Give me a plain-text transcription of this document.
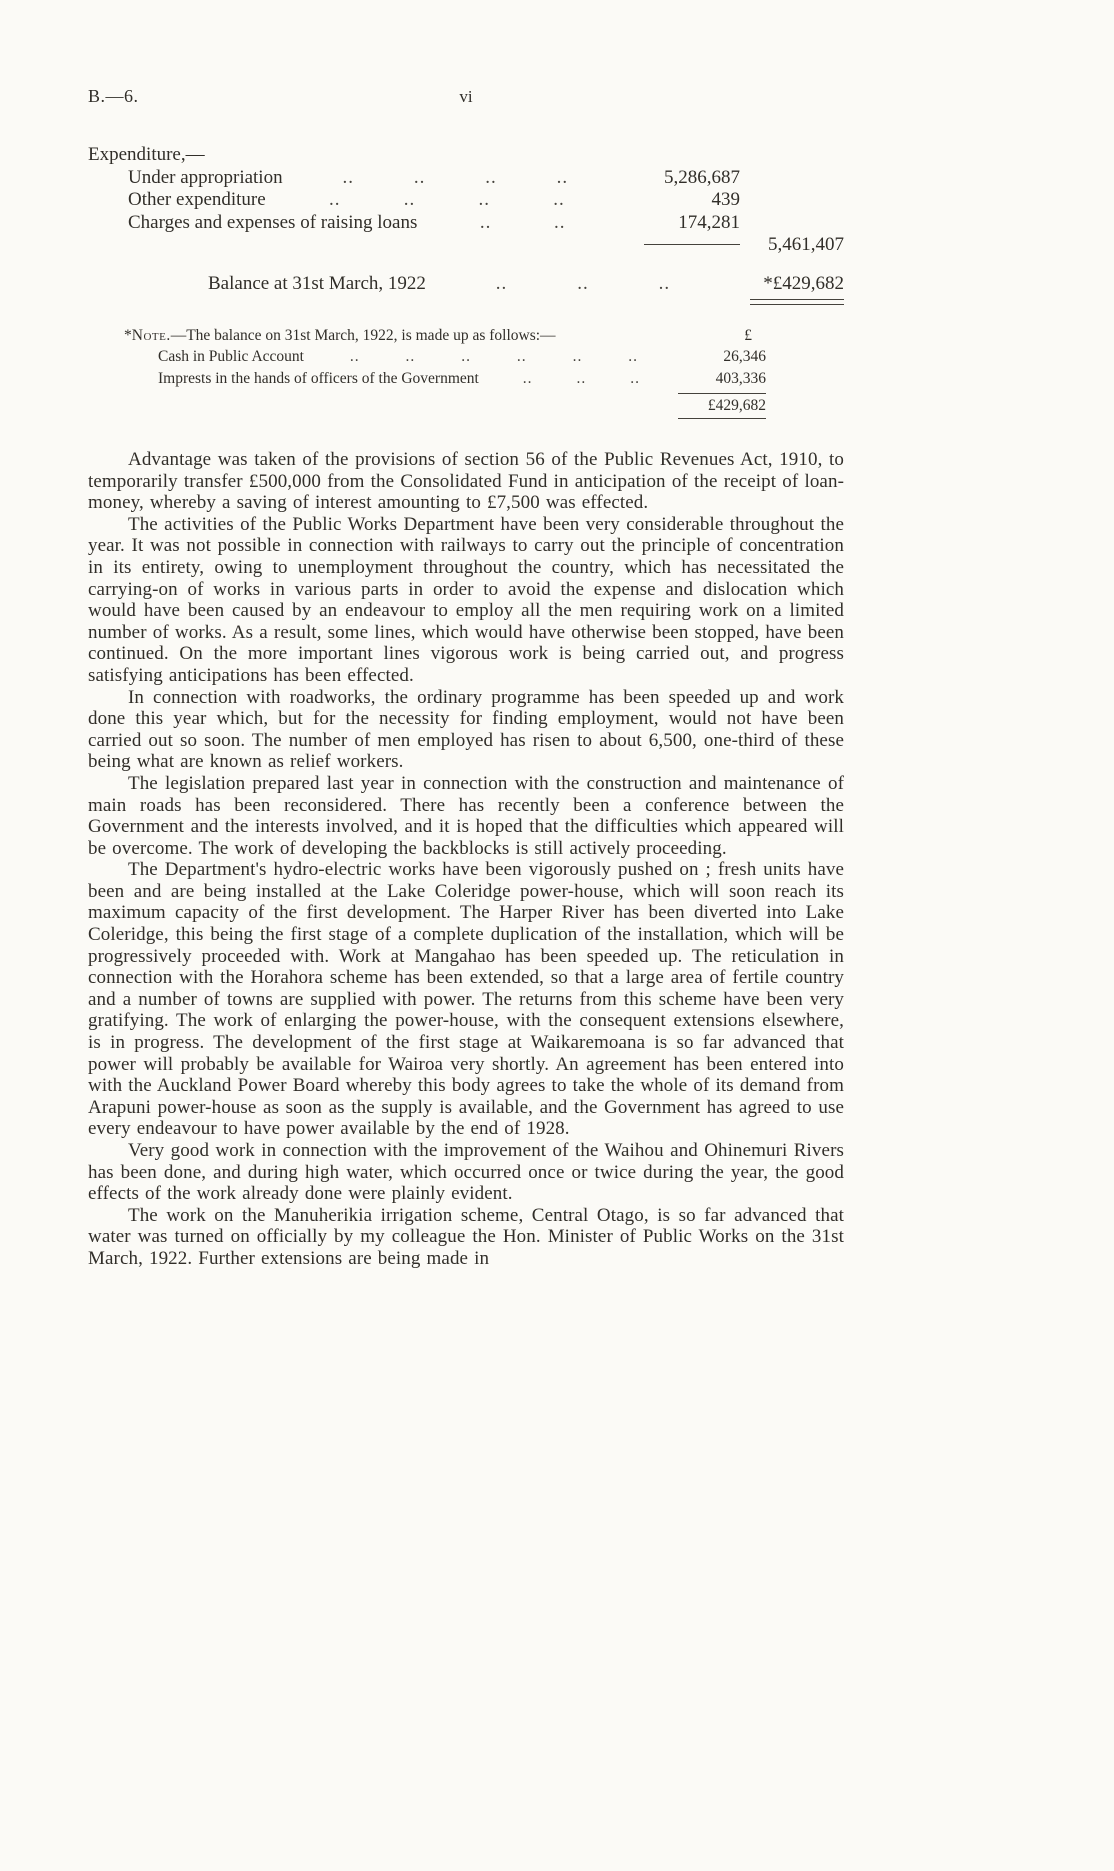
B.—6.	vi
Expenditure,—
Under appropriation	..	..	..	..	5,286,687
Other expenditure	..	..	..	..	439
Charges and expenses of raising loans	..	..	174,281
5,461,407
Balance at 31st March, 1922	..	..	..	*£429,682
* Note. —The balance on 31st March, 1922, is made up as follows:—	£
Cash in Public Account	..	..	..	..	..	..	26,346
Imprests in the hands of officers of the Government	..	..	..	403,336
£429,682

Advantage was taken of the provisions of section 56 of the Public Revenues Act, 1910, to temporarily transfer £500,000 from the Consolidated Fund in anticipation of the receipt of loan-money, whereby a saving of interest amounting to £7,500 was effected.

The activities of the Public Works Department have been very considerable throughout the year. It was not possible in connection with railways to carry out the principle of concentration in its entirety, owing to unemployment throughout the country, which has necessitated the carrying-on of works in various parts in order to avoid the expense and dislocation which would have been caused by an endeavour to employ all the men requiring work on a limited number of works. As a result, some lines, which would have otherwise been stopped, have been continued. On the more important lines vigorous work is being carried out, and progress satisfying anticipations has been effected.

In connection with roadworks, the ordinary programme has been speeded up and work done this year which, but for the necessity for finding employment, would not have been carried out so soon. The number of men employed has risen to about 6,500, one-third of these being what are known as relief workers.

The legislation prepared last year in connection with the construction and maintenance of main roads has been reconsidered. There has recently been a conference between the Government and the interests involved, and it is hoped that the difficulties which appeared will be overcome. The work of developing the backblocks is still actively proceeding.

The Department's hydro-electric works have been vigorously pushed on ; fresh units have been and are being installed at the Lake Coleridge power-house, which will soon reach its maximum capacity of the first development. The Harper River has been diverted into Lake Coleridge, this being the first stage of a complete duplication of the installation, which will be progressively proceeded with. Work at Mangahao has been speeded up. The reticulation in connection with the Horahora scheme has been extended, so that a large area of fertile country and a number of towns are supplied with power. The returns from this scheme have been very gratifying. The work of enlarging the power-house, with the consequent extensions elsewhere, is in progress. The development of the first stage at Waikaremoana is so far advanced that power will probably be available for Wairoa very shortly. An agreement has been entered into with the Auckland Power Board whereby this body agrees to take the whole of its demand from Arapuni power-house as soon as the supply is available, and the Government has agreed to use every endeavour to have power available by the end of 1928.

Very good work in connection with the improvement of the Waihou and Ohinemuri Rivers has been done, and during high water, which occurred once or twice during the year, the good effects of the work already done were plainly evident.

The work on the Manuherikia irrigation scheme, Central Otago, is so far advanced that water was turned on officially by my colleague the Hon. Minister of Public Works on the 31st March, 1922. Further extensions are being made in
